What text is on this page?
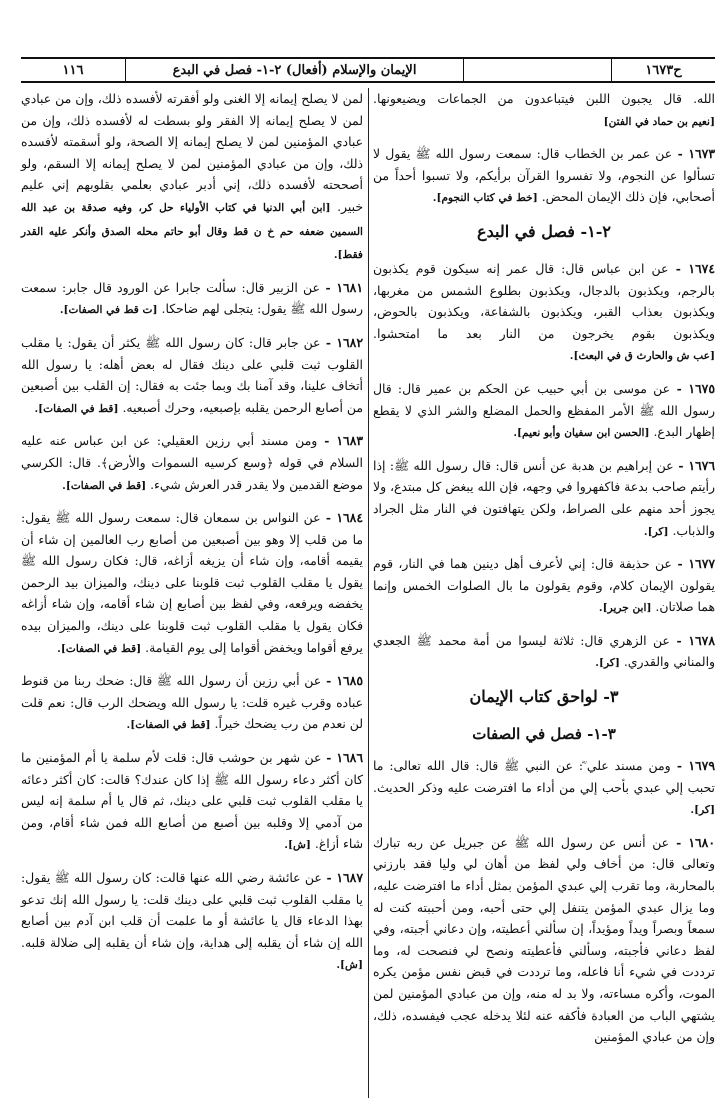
ح١٦٧٣
الإيمان والإسلام (أفعال) ٢-١- فصل في البدع
١١٦

الله. قال يجبون اللبن فيتباعدون من الجماعات ويضيعونها. [نعيم بن حماد في الفتن]

١٦٧٣ - عن عمر بن الخطاب قال: سمعت رسول الله ﷺ يقول لا تسألوا عن النجوم، ولا تفسروا القرآن برأيكم، ولا تسبوا أحداً من أصحابي، فإن ذلك الإيمان المحض. [خط في كتاب النجوم].

٢-١- فصل في البدع

١٦٧٤ - عن ابن عباس قال: قال عمر إنه سيكون قوم يكذبون بالرجم، ويكذبون بالدجال، ويكذبون بطلوع الشمس من مغربها، ويكذبون بعذاب القبر، ويكذبون بالشفاعة، ويكذبون بالحوض، ويكذبون بقوم يخرجون من النار بعد ما امتحشوا. [عب ش والحارث ق في البعث].

١٦٧٥ - عن موسى بن أبي حبيب عن الحكم بن عمير قال: قال رسول الله ﷺ الأمر المفظع والحمل المضلع والشر الذي لا يقطع إظهار البدع. [الحسن ابن سفيان وأبو نعيم].

١٦٧٦ - عن إبراهيم بن هدبة عن أنس قال: قال رسول الله ﷺ: إذا رأيتم صاحب بدعة فاكفهروا في وجهه، فإن الله يبغض كل مبتدع، ولا يجوز أحد منهم على الصراط، ولكن يتهافتون في النار مثل الجراد والذباب. [كر].

١٦٧٧ - عن حذيفة قال: إني لأعرف أهل دينين هما في النار، قوم يقولون الإيمان كلام، وقوم يقولون ما بال الصلوات الخمس وإنما هما صلاتان. [ابن جرير].

١٦٧٨ - عن الزهري قال: ثلاثة ليسوا من أمة محمد ﷺ الجعدي والمناني والقدري. [كر].

٣- لواحق كتاب الإيمان
٣-١- فصل في الصفات

١٦٧٩ - ومن مسند علي ؓ: عن النبي ﷺ قال: قال الله تعالى: ما تحبب إلي عبدي بأحب إلي من أداء ما افترضت عليه وذكر الحديث. [كر].

١٦٨٠ - عن أنس عن رسول الله ﷺ عن جبريل عن ربه تبارك وتعالى قال: من أخاف ولي لفظ من أهان لي وليا فقد بارزني بالمحاربة، وما تقرب إلي عبدي المؤمن بمثل أداء ما افترضت عليه، وما يزال عبدي المؤمن يتنفل إلي حتى أحبه، ومن أحببته كنت له سمعاً وبصراً ويداً ومؤيداً، إن سألني أعطيته، وإن دعاني أجبته، وفي لفظ دعاني فأجبته، وسألني فأعطيته ونصح لي فنصحت له، وما ترددت في شيء أنا فاعله، وما ترددت في قبض نفس مؤمن يكره الموت، وأكره مساءته، ولا بد له منه، وإن من عبادي المؤمنين لمن يشتهي الباب من العبادة فأكفه عنه لئلا يدخله عجب فيفسده، ذلك، وإن من عبادي المؤمنين

لمن لا يصلح إيمانه إلا الغنى ولو أفقرته لأفسده ذلك، وإن من عبادي لمن لا يصلح إيمانه إلا الفقر ولو بسطت له لأفسده ذلك، وإن من عبادي المؤمنين لمن لا يصلح إيمانه إلا الصحة، ولو أسقمته لأفسده ذلك، وإن من عبادي المؤمنين لمن لا يصلح إيمانه إلا السقم، ولو أصححته لأفسده ذلك، إني أدبر عبادي بعلمي بقلوبهم إني عليم خبير. [ابن أبي الدنيا في كتاب الأولياء حل كر، وفيه صدقة بن عبد الله السمين ضعفه حم خ ن قط وقال أبو حاتم محله الصدق وأنكر عليه القدر فقط].

١٦٨١ - عن الزبير قال: سألت جابرا عن الورود قال جابر: سمعت رسول الله ﷺ يقول: يتجلى لهم ضاحكا. [ت قط في الصفات].

١٦٨٢ - عن جابر قال: كان رسول الله ﷺ يكثر أن يقول: يا مقلب القلوب ثبت قلبي على دينك فقال له بعض أهله: يا رسول الله أتخاف علينا، وقد آمنا بك وبما جئت به فقال: إن القلب بين أصبعين من أصابع الرحمن يقلبه بإصبعيه، وحرك أصبعيه. [قط في الصفات].

١٦٨٣ - ومن مسند أبي رزين العقيلي: عن ابن عباس عنه عليه السلام في قوله ﴿وسع كرسيه السموات والأرض﴾. قال: الكرسي موضع القدمين ولا يقدر قدر العرش شيء. [قط في الصفات].

١٦٨٤ - عن النواس بن سمعان قال: سمعت رسول الله ﷺ يقول: ما من قلب إلا وهو بين أصبعين من أصابع رب العالمين إن شاء أن يقيمه أقامه، وإن شاء أن يزيغه أزاغه، قال: فكان رسول الله ﷺ يقول يا مقلب القلوب ثبت قلوبنا على دينك، والميزان بيد الرحمن يخفضه ويرفعه، وفي لفظ بين أصابع إن شاء أقامه، وإن شاء أزاغه فكان يقول يا مقلب القلوب ثبت قلوبنا على دينك، والميزان بيده يرفع أقواما ويخفض أقواما إلى يوم القيامة. [قط في الصفات].

١٦٨٥ - عن أبي رزين أن رسول الله ﷺ قال: ضحك ربنا من قنوط عباده وقرب غيره قلت: يا رسول الله ويضحك الرب قال: نعم قلت لن نعدم من رب يضحك خيراً. [قط في الصفات].

١٦٨٦ - عن شهر بن حوشب قال: قلت لأم سلمة يا أم المؤمنين ما كان أكثر دعاء رسول الله ﷺ إذا كان عندك؟ قالت: كان أكثر دعائه يا مقلب القلوب ثبت قلبي على دينك، ثم قال يا أم سلمة إنه ليس من آدمي إلا وقلبه بين أصبع من أصابع الله فمن شاء أقام، ومن شاء أزاغ. [ش].

١٦٨٧ - عن عائشة رضي الله عنها قالت: كان رسول الله ﷺ يقول: يا مقلب القلوب ثبت قلبي على دينك قلت: يا رسول الله إنك تدعو بهذا الدعاء قال يا عائشة أو ما علمت أن قلب ابن آدم بين أصابع الله إن شاء أن يقلبه إلى هداية، وإن شاء أن يقلبه إلى ضلالة قلبه. [ش].
